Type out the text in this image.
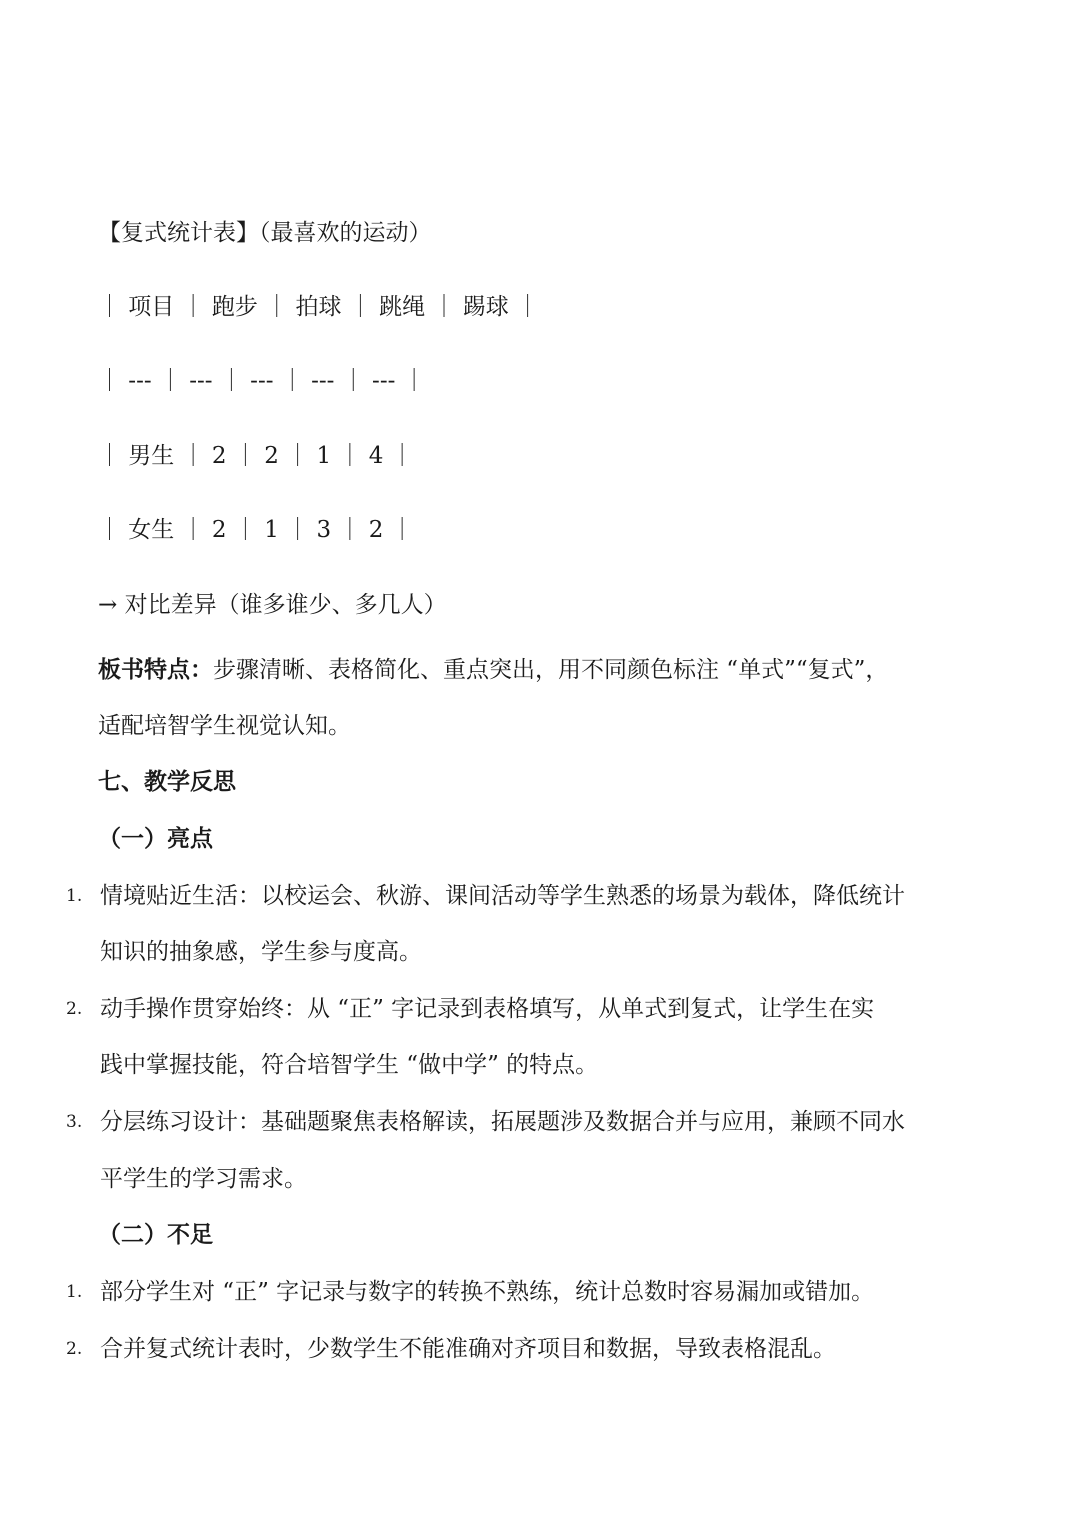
【复式统计表】（最喜欢的运动）
｜ 项目 ｜ 跑步 ｜ 拍球 ｜ 跳绳 ｜ 踢球 ｜
｜ --- ｜ --- ｜ --- ｜ --- ｜ --- ｜
｜ 男生 ｜ 2 ｜ 2 ｜ 1 ｜ 4 ｜
｜ 女生 ｜ 2 ｜ 1 ｜ 3 ｜ 2 ｜
→ 对比差异（谁多谁少、多几人）
板书特点：步骤清晰、表格简化、重点突出，用不同颜色标注 “单式”“复式”，
适配培智学生视觉认知。
七、教学反思
（一）亮点
1. 情境贴近生活：以校运会、秋游、课间活动等学生熟悉的场景为载体，降低统计
知识的抽象感，学生参与度高。
2. 动手操作贯穿始终：从 “正” 字记录到表格填写，从单式到复式，让学生在实
践中掌握技能，符合培智学生 “做中学” 的特点。
3. 分层练习设计：基础题聚焦表格解读，拓展题涉及数据合并与应用，兼顾不同水
平学生的学习需求。
（二）不足
1. 部分学生对 “正” 字记录与数字的转换不熟练，统计总数时容易漏加或错加。
2. 合并复式统计表时，少数学生不能准确对齐项目和数据，导致表格混乱。
